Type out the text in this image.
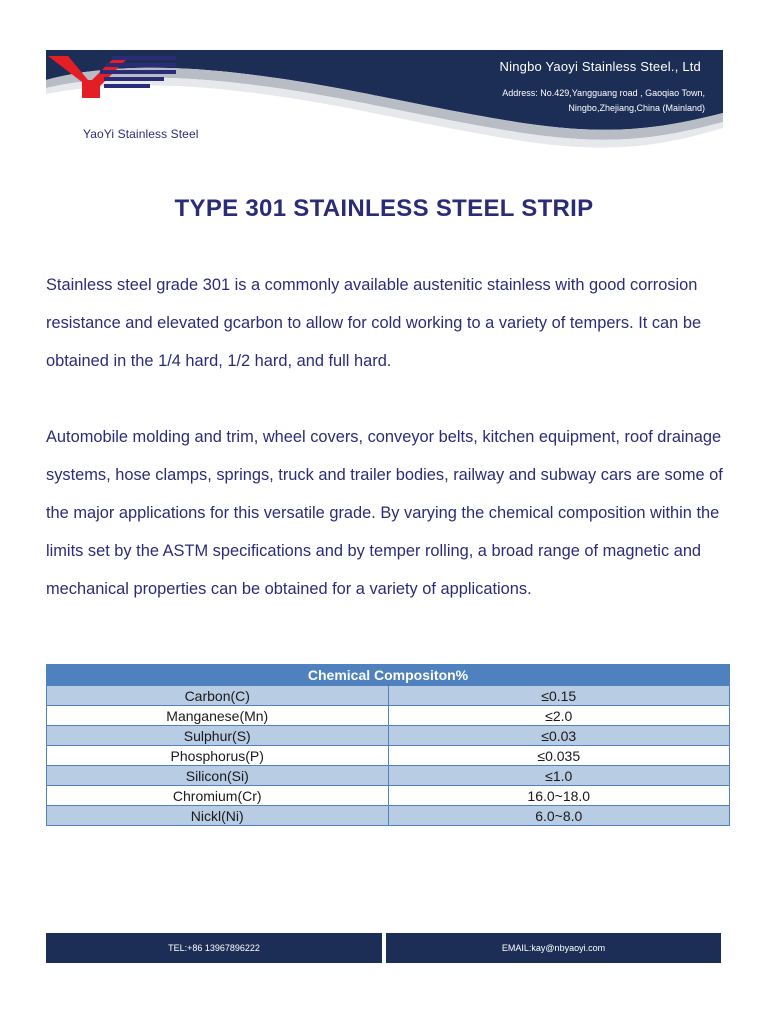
Ningbo Yaoyi Stainless Steel., Ltd
Address: No.429,Yangguang road , Gaoqiao Town,
Ningbo,Zhejiang,China (Mainland)
YaoYi Stainless Steel
TYPE 301 STAINLESS STEEL STRIP

Stainless steel grade 301 is a commonly available austenitic stainless with good corrosion resistance and elevated gcarbon to allow for cold working to a variety of tempers. It can be obtained in the 1/4 hard, 1/2 hard, and full hard.

Automobile molding and trim, wheel covers, conveyor belts, kitchen equipment, roof drainage systems, hose clamps, springs, truck and trailer bodies, railway and subway cars are some of the major applications for this versatile grade. By varying the chemical composition within the limits set by the ASTM specifications and by temper rolling, a broad range of magnetic and mechanical properties can be obtained for a variety of applications.

Chemical Compositon%	
Carbon(C)	≤0.15
Manganese(Mn)	≤2.0
Sulphur(S)	≤0.03
Phosphorus(P)	≤0.035
Silicon(Si)	≤1.0
Chromium(Cr)	16.0~18.0
Nickl(Ni)	6.0~8.0
TEL:+86 13967896222	EMAIL:kay@nbyaoyi.com
